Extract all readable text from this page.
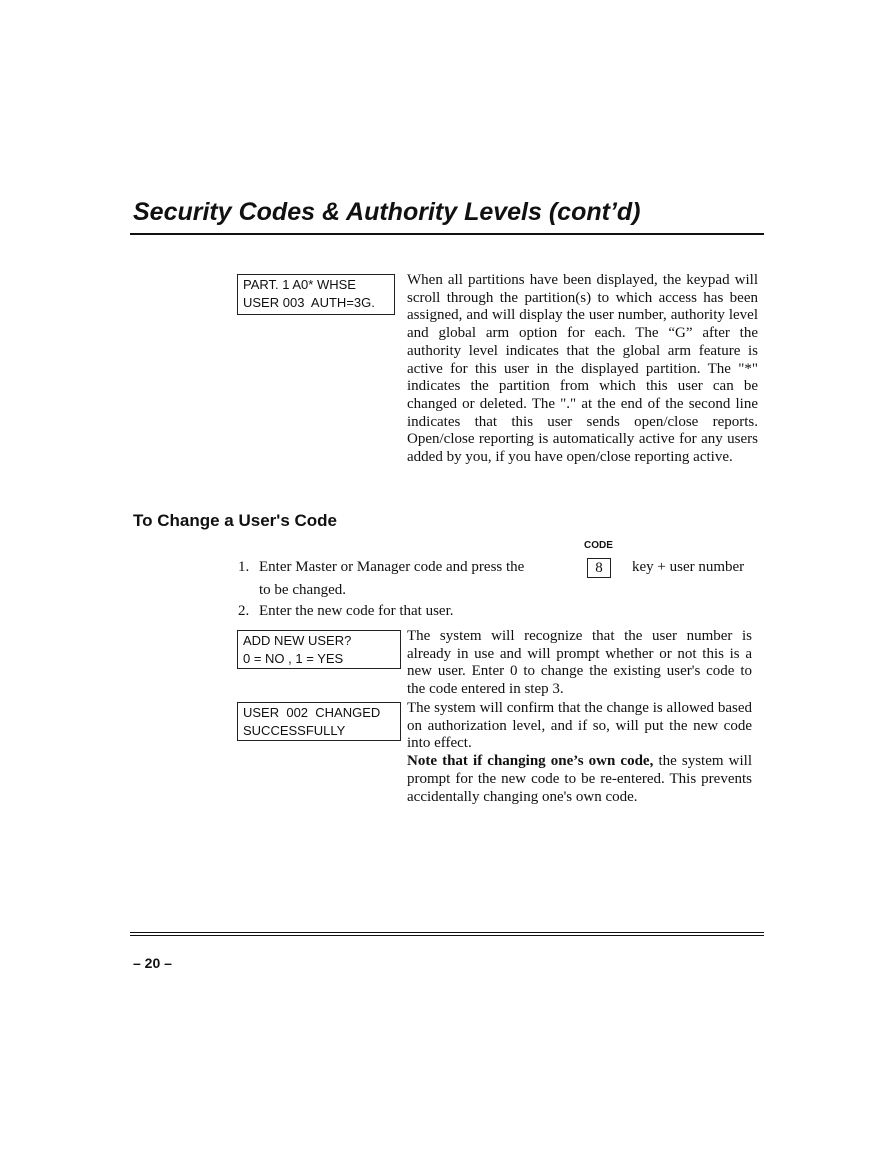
Security Codes & Authority Levels (cont’d)
PART. 1 A0* WHSE
USER 003  AUTH=3G.

When all partitions have been displayed, the keypad will scroll through the partition(s) to which access has been assigned, and will display the user number, authority level and global arm option for each. The “G” after the authority level indicates that the global arm feature is active for this user in the displayed partition. The "*" indicates the partition from which this user can be changed or deleted. The "." at the end of the second line indicates that this user sends open/close reports. Open/close reporting is automatically active for any users added by you, if you have open/close reporting active.

To Change a User's Code
CODE
1. Enter Master or Manager code and press the	8	key + user number
to be changed.
2. Enter the new code for that user.
ADD NEW USER?
0 = NO , 1 = YES

The system will recognize that the user number is already in use and will prompt whether or not this is a new user. Enter 0 to change the existing user's code to the code entered in step 3.

USER  002  CHANGED
SUCCESSFULLY

The system will confirm that the change is allowed based on authorization level, and if so, will put the new code into effect.

Note that if changing one’s own code, the system will prompt for the new code to be re-entered. This prevents accidentally changing one's own code.

– 20 –
